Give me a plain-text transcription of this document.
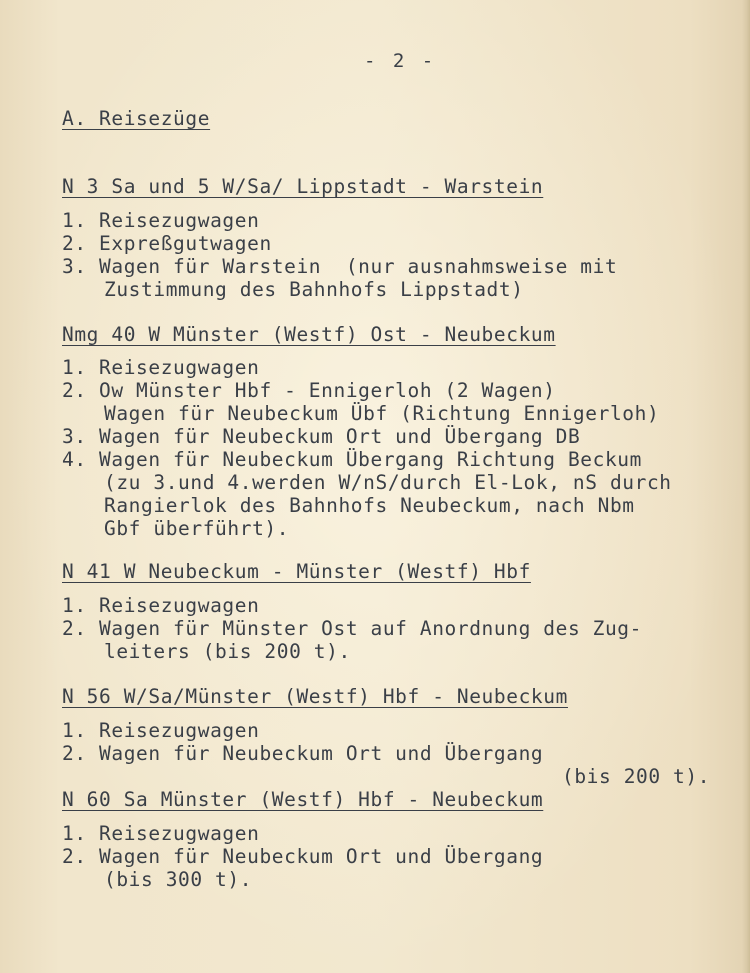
- 2 -
A. Reisezüge
N 3 Sa und 5 W/Sa/ Lippstadt - Warstein
1. Reisezugwagen
2. Expreßgutwagen
3. Wagen für Warstein  (nur ausnahmsweise mit
Zustimmung des Bahnhofs Lippstadt)
Nmg 40 W Münster (Westf) Ost - Neubeckum
1. Reisezugwagen
2. Ow Münster Hbf - Ennigerloh (2 Wagen)
Wagen für Neubeckum Übf (Richtung Ennigerloh)
3. Wagen für Neubeckum Ort und Übergang DB
4. Wagen für Neubeckum Übergang Richtung Beckum
(zu 3.und 4.werden W/nS/durch El-Lok, nS durch
Rangierlok des Bahnhofs Neubeckum, nach Nbm
Gbf überführt).
N 41 W Neubeckum - Münster (Westf) Hbf
1. Reisezugwagen
2. Wagen für Münster Ost auf Anordnung des Zug-
leiters (bis 200 t).
N 56 W/Sa/Münster (Westf) Hbf - Neubeckum
1. Reisezugwagen
2. Wagen für Neubeckum Ort und Übergang
(bis 200 t).
N 60 Sa Münster (Westf) Hbf - Neubeckum
1. Reisezugwagen
2. Wagen für Neubeckum Ort und Übergang
(bis 300 t).
